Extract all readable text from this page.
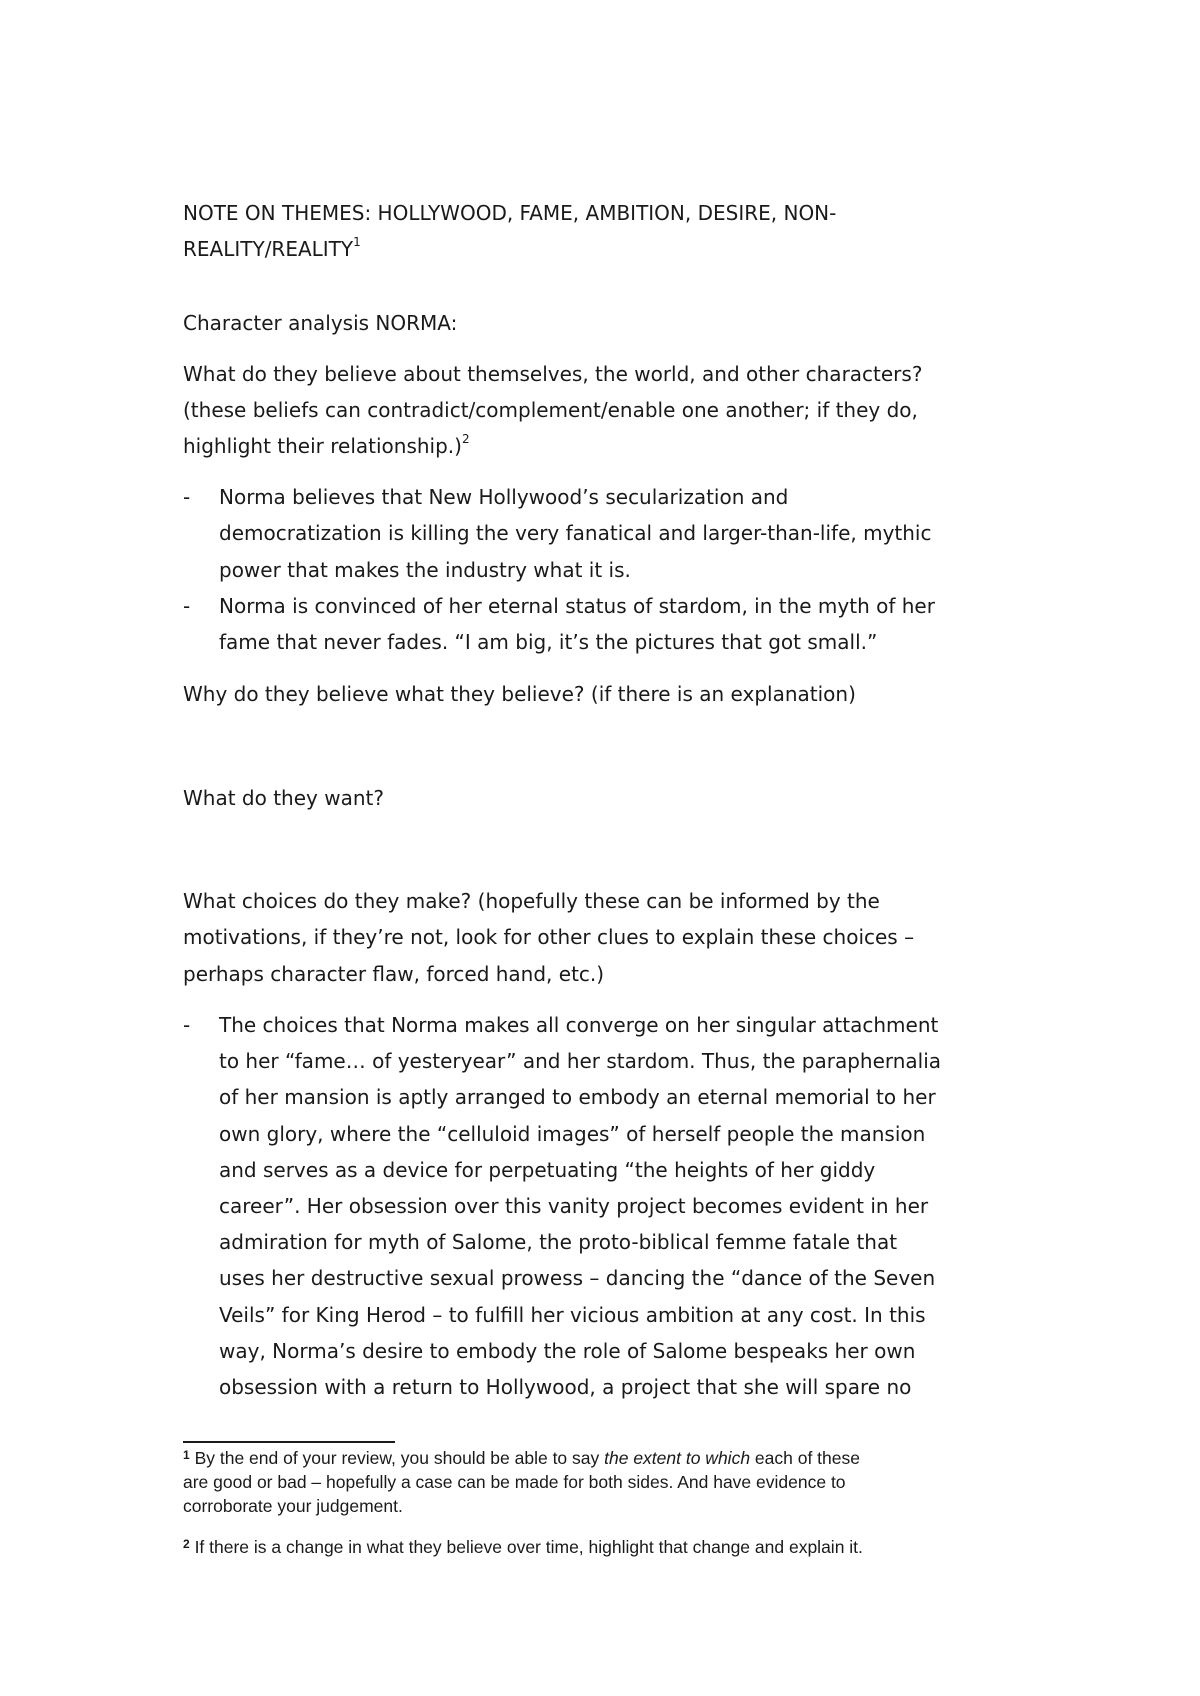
NOTE ON THEMES: HOLLYWOOD, FAME, AMBITION, DESIRE, NON-
REALITY/REALITY$^1$
Character analysis NORMA:
What do they believe about themselves, the world, and other characters?
(these beliefs can contradict/complement/enable one another; if they do,
highlight their relationship.)$^2$
- Norma believes that New Hollywood’s secularization and
democratization is killing the very fanatical and larger-than-life, mythic
power that makes the industry what it is.
- Norma is convinced of her eternal status of stardom, in the myth of her
fame that never fades. “I am big, it’s the pictures that got small.”
Why do they believe what they believe? (if there is an explanation)
What do they want?
What choices do they make? (hopefully these can be informed by the
motivations, if they’re not, look for other clues to explain these choices –
perhaps character flaw, forced hand, etc.)
- The choices that Norma makes all converge on her singular attachment
to her “fame… of yesteryear” and her stardom. Thus, the paraphernalia
of her mansion is aptly arranged to embody an eternal memorial to her
own glory, where the “celluloid images” of herself people the mansion
and serves as a device for perpetuating “the heights of her giddy
career”. Her obsession over this vanity project becomes evident in her
admiration for myth of Salome, the proto-biblical femme fatale that
uses her destructive sexual prowess – dancing the “dance of the Seven
Veils” for King Herod – to fulfill her vicious ambition at any cost. In this
way, Norma’s desire to embody the role of Salome bespeaks her own
obsession with a return to Hollywood, a project that she will spare no
$^1$ By the end of your review, you should be able to say the extent to which each of these
are good or bad – hopefully a case can be made for both sides. And have evidence to
corroborate your judgement.
$^2$ If there is a change in what they believe over time, highlight that change and explain it.
